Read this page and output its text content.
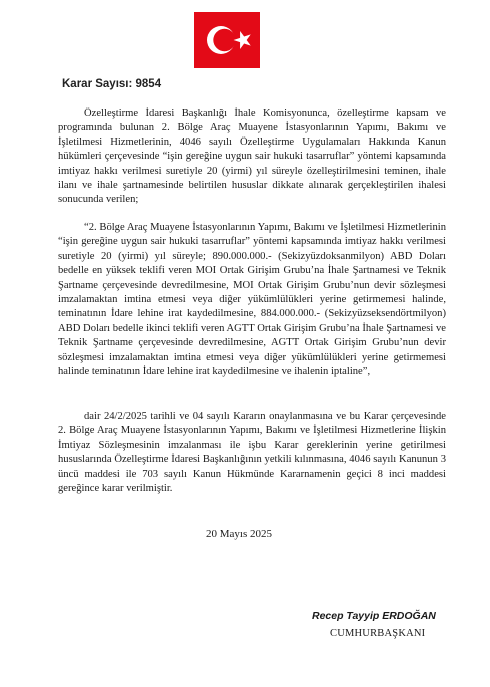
Karar Sayısı: 9854

Özelleştirme İdaresi Başkanlığı İhale Komisyonunca, özelleştirme kapsam ve programında bulunan 2. Bölge Araç Muayene İstasyonlarının Yapımı, Bakımı ve İşletilmesi Hizmetlerinin, 4046 sayılı Özelleştirme Uygulamaları Hakkında Kanun hükümleri çerçevesinde “işin gereğine uygun sair hukuki tasarruflar” yöntemi kapsamında imtiyaz hakkı verilmesi suretiyle 20 (yirmi) yıl süreyle özelleştirilmesini teminen, ihale ilanı ve ihale şartnamesinde belirtilen hususlar dikkate alınarak gerçekleştirilen ihalesi sonucunda verilen;

“2. Bölge Araç Muayene İstasyonlarının Yapımı, Bakımı ve İşletilmesi Hizmetlerinin “işin gereğine uygun sair hukuki tasarruflar” yöntemi kapsamında imtiyaz hakkı verilmesi suretiyle 20 (yirmi) yıl süreyle; 890.000.000.- (Sekizyüzdoksanmilyon) ABD Doları bedelle en yüksek teklifi veren MOI Ortak Girişim Grubu’na İhale Şartnamesi ve Teknik Şartname çerçevesinde devredilmesine, MOI Ortak Girişim Grubu’nun devir sözleşmesi imzalamaktan imtina etmesi veya diğer yükümlülükleri yerine getirmemesi halinde, teminatının İdare lehine irat kaydedilmesine, 884.000.000.- (Sekizyüzseksendörtmilyon) ABD Doları bedelle ikinci teklifi veren AGTT Ortak Girişim Grubu’na İhale Şartnamesi ve Teknik Şartname çerçevesinde devredilmesine, AGTT Ortak Girişim Grubu’nun devir sözleşmesi imzalamaktan imtina etmesi veya diğer yükümlülükleri yerine getirmemesi halinde teminatının İdare lehine irat kaydedilmesine ve ihalenin iptaline”,

dair 24/2/2025 tarihli ve 04 sayılı Kararın onaylanmasına ve bu Karar çerçevesinde 2. Bölge Araç Muayene İstasyonlarının Yapımı, Bakımı ve İşletilmesi Hizmetlerine İlişkin İmtiyaz Sözleşmesinin imzalanması ile işbu Karar gereklerinin yerine getirilmesi hususlarında Özelleştirme İdaresi Başkanlığının yetkili kılınmasına, 4046 sayılı Kanunun 3 üncü maddesi ile 703 sayılı Kanun Hükmünde Kararnamenin geçici 8 inci maddesi gereğince karar verilmiştir.

20 Mayıs 2025
Recep Tayyip ERDOĞAN
CUMHURBAŞKANI
